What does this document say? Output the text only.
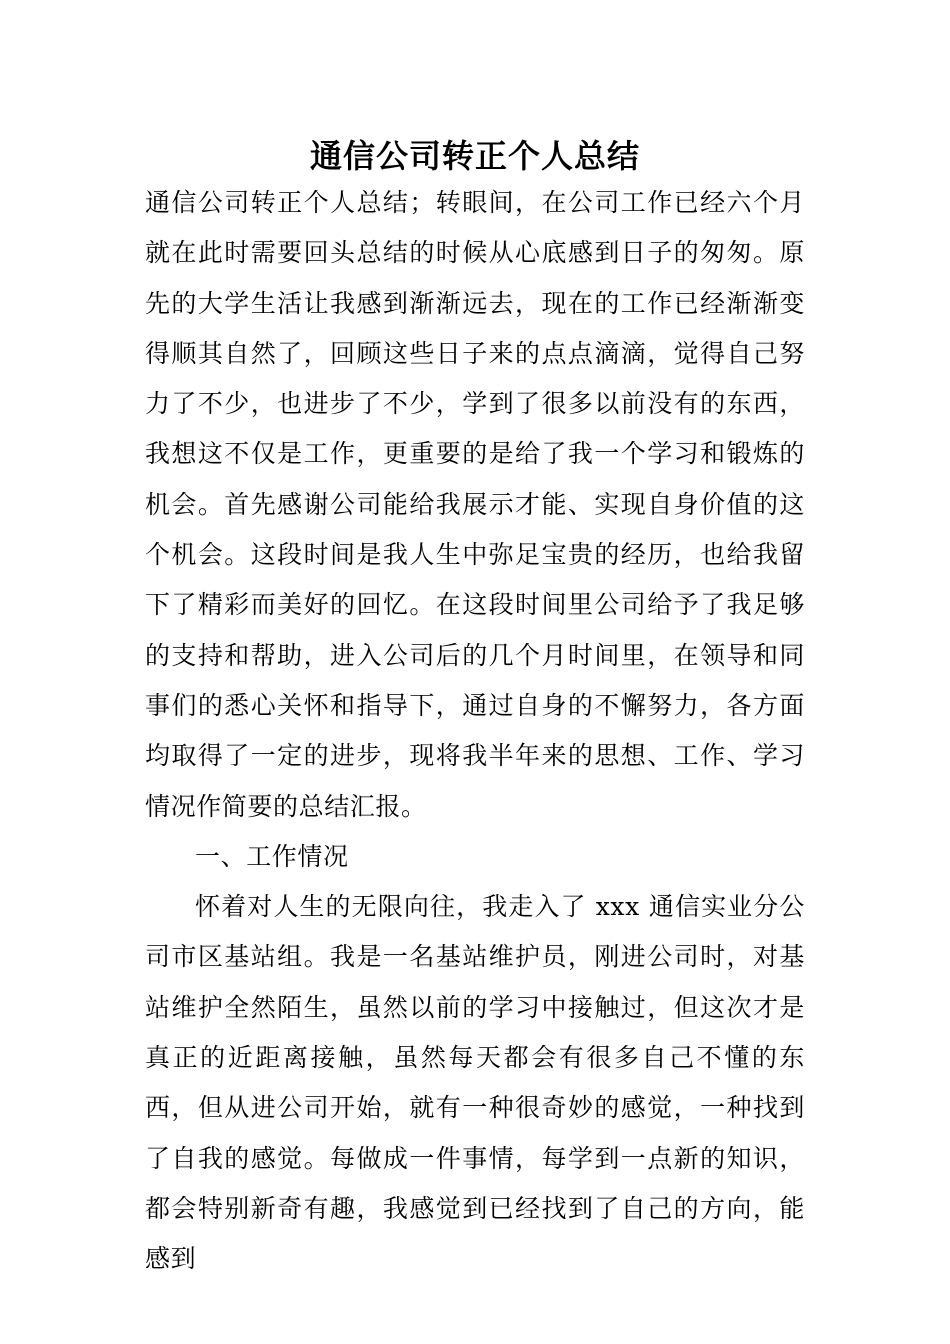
通信公司转正个人总结

通信公司转正个人总结；转眼间，在公司工作已经六个月就在此时需要回头总结的时候从心底感到日子的匆匆。原先的大学生活让我感到渐渐远去，现在的工作已经渐渐变得顺其自然了，回顾这些日子来的点点滴滴，觉得自己努力了不少，也进步了不少，学到了很多以前没有的东西，我想这不仅是工作，更重要的是给了我一个学习和锻炼的机会。首先感谢公司能给我展示才能、实现自身价值的这个机会。这段时间是我人生中弥足宝贵的经历，也给我留下了精彩而美好的回忆。在这段时间里公司给予了我足够的支持和帮助，进入公司后的几个月时间里，在领导和同事们的悉心关怀和指导下，通过自身的不懈努力，各方面均取得了一定的进步，现将我半年来的思想、工作、学习情况作简要的总结汇报。

一、工作情况

怀着对人生的无限向往，我走入了 xxx 通信实业分公司市区基站组。我是一名基站维护员，刚进公司时，对基站维护全然陌生，虽然以前的学习中接触过，但这次才是真正的近距离接触，虽然每天都会有很多自己不懂的东西，但从进公司开始，就有一种很奇妙的感觉，一种找到了自我的感觉。每做成一件事情，每学到一点新的知识，都会特别新奇有趣，我感觉到已经找到了自己的方向，能感到
